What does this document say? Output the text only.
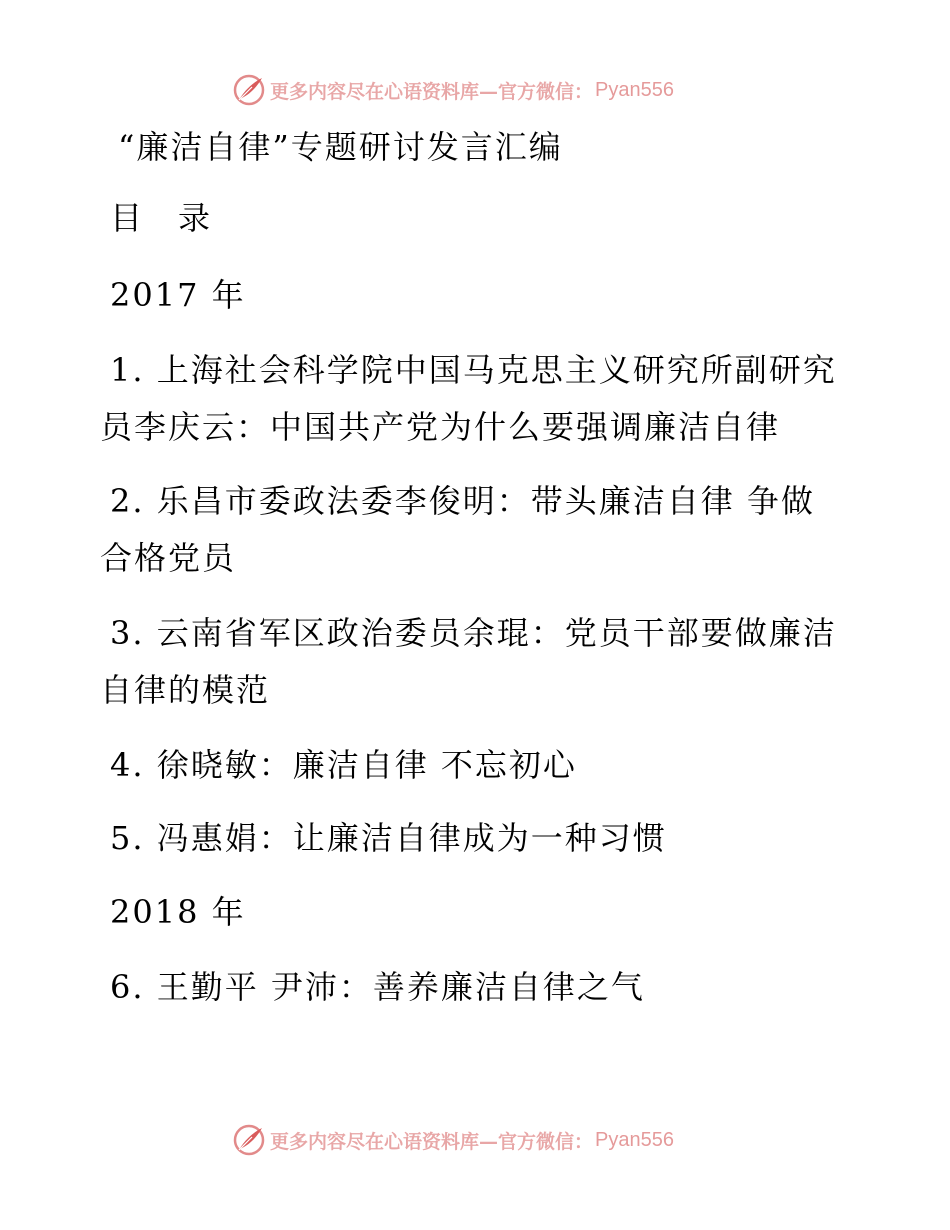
更多内容尽在心语资料库—官方微信： Pyan556
“廉洁自律”专题研讨发言汇编
目 录
2017 年
1. 上海社会科学院中国马克思主义研究所副研究
员李庆云：中国共产党为什么要强调廉洁自律
2. 乐昌市委政法委李俊明：带头廉洁自律 争做
合格党员
3. 云南省军区政治委员余琨：党员干部要做廉洁
自律的模范
4. 徐晓敏：廉洁自律 不忘初心
5. 冯惠娟：让廉洁自律成为一种习惯
2018 年
6. 王勤平 尹沛：善养廉洁自律之气
更多内容尽在心语资料库—官方微信： Pyan556
